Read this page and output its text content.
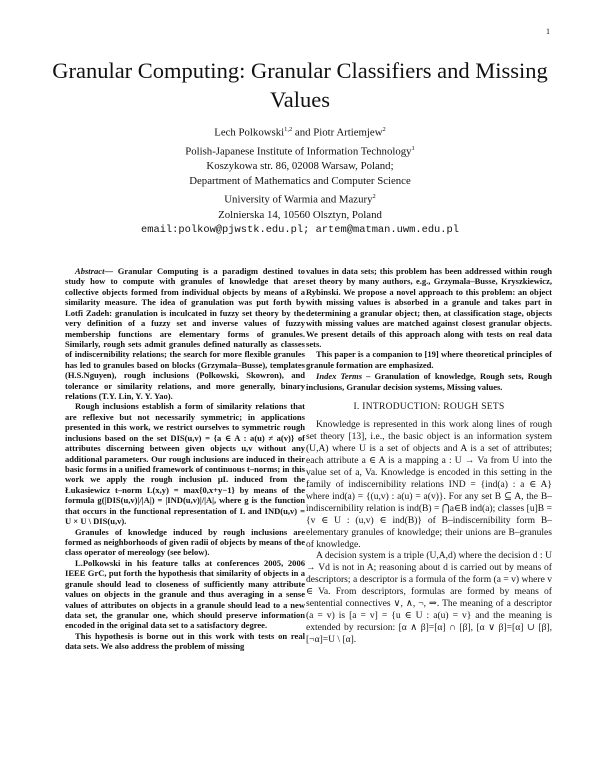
1
Granular Computing: Granular Classifiers and Missing Values
Lech Polkowski$^{1,2}$ and Piotr Artiemjew$^2$
Polish-Japanese Institute of Information Technology$^1$
Koszykowa str. 86, 02008 Warsaw, Poland;
Department of Mathematics and Computer Science
University of Warmia and Mazury$^2$
Zolnierska 14, 10560 Olsztyn, Poland
email:polkow@pjwstk.edu.pl; artem@matman.uwm.edu.pl

Abstract— Granular Computing is a paradigm destined to study how to compute with granules of knowledge that are collective objects formed from individual objects by means of a similarity measure. The idea of granulation was put forth by Lotfi Zadeh: granulation is inculcated in fuzzy set theory by the very definition of a fuzzy set and inverse values of fuzzy membership functions are elementary forms of granules. Similarly, rough sets admit granules defined naturally as classes of indiscernibility relations; the search for more flexible granules has led to granules based on blocks (Grzymala–Busse), templates (H.S.Nguyen), rough inclusions (Polkowski, Skowron), and tolerance or similarity relations, and more generally, binary relations (T.Y. Lin, Y. Y. Yao).

Rough inclusions establish a form of similarity relations that are reflexive but not necessarily symmetric; in applications presented in this work, we restrict ourselves to symmetric rough inclusions based on the set DIS(u,v) = {a ∈ A : a(u) ≠ a(v)} of attributes discerning between given objects u,v without any additional parameters. Our rough inclusions are induced in their basic forms in a unified framework of continuous t–norms; in this work we apply the rough inclusion μL induced from the Łukasiewicz t–norm L(x,y) = max{0,x+y−1} by means of the formula g(|DIS(u,v)|/|A|) = |IND(u,v)|/|A|, where g is the function that occurs in the functional representation of L and IND(u,v) = U × U \ DIS(u,v).

Granules of knowledge induced by rough inclusions are formed as neighborhoods of given radii of objects by means of the class operator of mereology (see below).

L.Polkowski in his feature talks at conferences 2005, 2006 IEEE GrC, put forth the hypothesis that similarity of objects in a granule should lead to closeness of sufficiently many attribute values on objects in the granule and thus averaging in a sense values of attributes on objects in a granule should lead to a new data set, the granular one, which should preserve information encoded in the original data set to a satisfactory degree.

This hypothesis is borne out in this work with tests on real data sets. We also address the problem of missing

values in data sets; this problem has been addressed within rough set theory by many authors, e.g., Grzymala–Busse, Kryszkiewicz, Rybinski. We propose a novel approach to this problem: an object with missing values is absorbed in a granule and takes part in determining a granular object; then, at classification stage, objects with missing values are matched against closest granular objects. We present details of this approach along with tests on real data sets.

This paper is a companion to [19] where theoretical principles of granule formation are emphasized.

Index Terms – Granulation of knowledge, Rough sets, Rough inclusions, Granular decision systems, Missing values.

I. INTRODUCTION: ROUGH SETS

Knowledge is represented in this work along lines of rough set theory [13], i.e., the basic object is an information system (U,A) where U is a set of objects and A is a set of attributes; each attribute a ∈ A is a mapping a : U → Va from U into the value set of a, Va. Knowledge is encoded in this setting in the family of indiscernibility relations IND = {ind(a) : a ∈ A} where ind(a) = {(u,v) : a(u) = a(v)}. For any set B ⊆ A, the B–indiscernibility relation is ind(B) = ⋂a∈B ind(a); classes [u]B = {v ∈ U : (u,v) ∈ ind(B)} of B–indiscernibility form B–elementary granules of knowledge; their unions are B–granules of knowledge.

A decision system is a triple (U,A,d) where the decision d : U → Vd is not in A; reasoning about d is carried out by means of descriptors; a descriptor is a formula of the form (a = v) where v ∈ Va. From descriptors, formulas are formed by means of sentential connectives ∨, ∧, ¬, ⇒. The meaning of a descriptor (a = v) is [a = v] = {u ∈ U : a(u) = v} and the meaning is extended by recursion: [α ∧ β]=[α] ∩ [β], [α ∨ β]=[α] ∪ [β], [¬α]=U \ [α].
